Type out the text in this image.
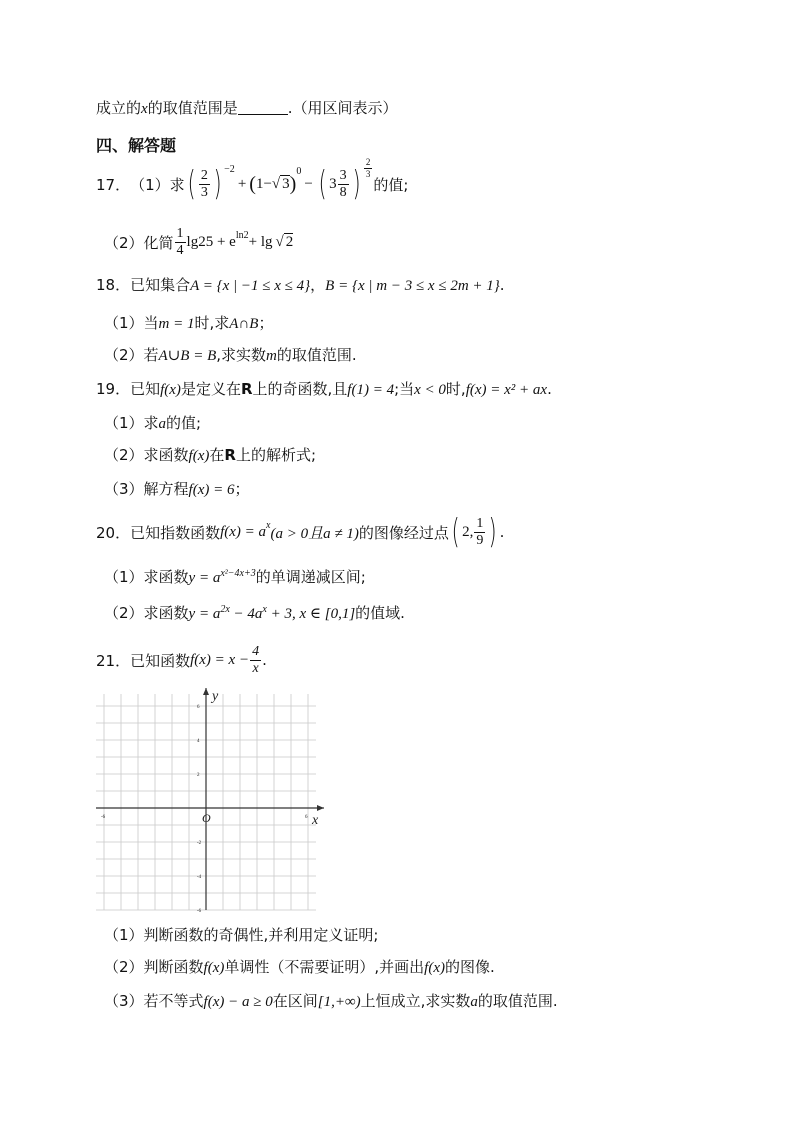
成立的x的取值范围是	.（用区间表示）
四、解答题
17． （1）求 ( $\frac{2}{3}$ ) $^{-2}$
+ ( 1− √ 3 )
$^0$
− ( $3 \frac{3}{8}$ ) $\frac{2}{3}$
的值;
（2）化简 $\frac{1}{4} \lg 25 + e^{ln2} + \lg$ √ 2
18．已知集合A = {x | −1 ≤ x ≤ 4}，B = {x | m − 3 ≤ x ≤ 2m + 1}.
（1）当m = 1时,求A∩B；
（2）若A∪B = B,求实数m的取值范围.
19．已知f(x)是定义在R上的奇函数,且f(1) = 4;当x < 0时,f(x) = x² + ax.
（1）求a的值;
（2）求函数f(x)在R上的解析式;
（3）解方程f(x) = 6；
20． 已知指数函数 $f(x) = a^x$ (a > 0且a ≠ 1) 的图像经过点 ( 2, $\frac{1}{9}$ ) .
（1）求函数$y = a^{x^2-4x+3}$的单调递减区间;
（2）求函数$y = a^{2x} - 4a^x + 3$, x ∈ [0,1]的值域.
21． 已知函数 $f(x) = x - \frac{4}{x}$ .
y
x
O
6
4
2
-2
-4
-6
-6	6
（1）判断函数的奇偶性,并利用定义证明;
（2）判断函数f(x)单调性（不需要证明）,并画出f(x)的图像.
（3）若不等式f(x) − a ≥ 0在区间[1,+∞)上恒成立,求实数a的取值范围.
